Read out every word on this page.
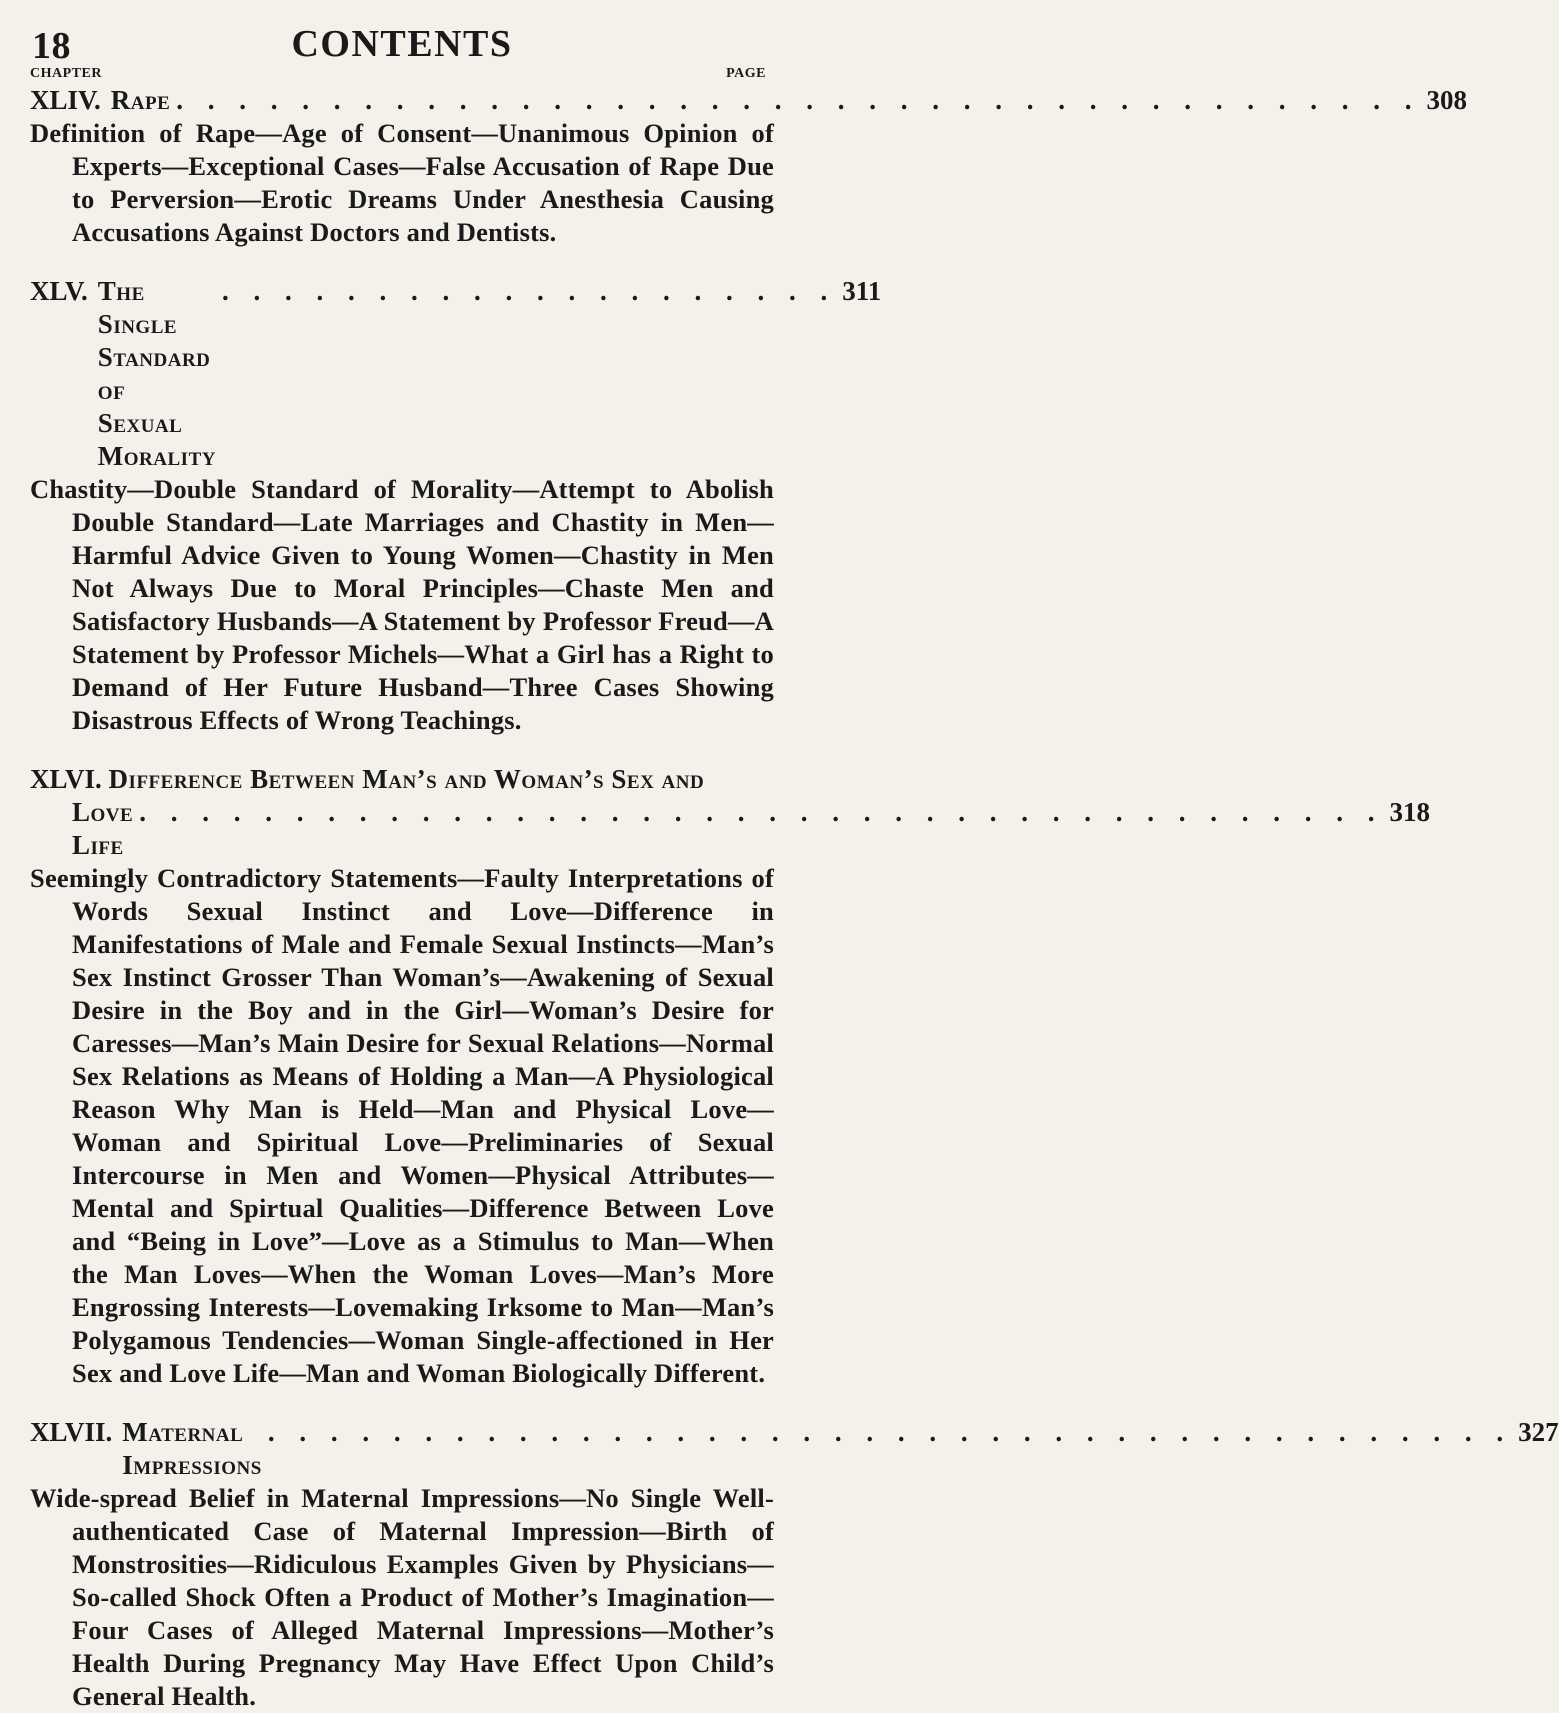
18	CONTENTS
CHAPTER	PAGE
XLIV. Rape . . . . . . . . . . . . . . . . . . . . . . . . . . . . . . . . . . . . . . . . 308

Definition of Rape—Age of Consent—Unanimous Opinion of Experts—Exceptional Cases—False Accusation of Rape Due to Perversion—Erotic Dreams Under Anesthesia Causing Accusations Against Doctors and Dentists.

XLV. The Single Standard of Sexual Morality
. . . . . . . . . . . . . . . . . . . . 311

Chastity—Double Standard of Morality—Attempt to Abolish Double Standard—Late Marriages and Chastity in Men—Harmful Advice Given to Young Women—Chastity in Men Not Always Due to Moral Principles—Chaste Men and Satisfactory Husbands—A Statement by Professor Freud—A Statement by Professor Michels—What a Girl has a Right to Demand of Her Future Husband—Three Cases Showing Disastrous Effects of Wrong Teachings.

XLVI. Difference Between Man’s and Woman’s Sex and
Love Life
. . . . . . . . . . . . . . . . . . . . . . . . . . . . . . . . . . . . . . . . 318

Seemingly Contradictory Statements—Faulty Interpretations of Words Sexual Instinct and Love—Difference in Manifestations of Male and Female Sexual Instincts—Man’s Sex Instinct Grosser Than Woman’s—Awakening of Sexual Desire in the Boy and in the Girl—Woman’s Desire for Caresses—Man’s Main Desire for Sexual Relations—Normal Sex Relations as Means of Holding a Man—A Physiological Reason Why Man is Held—Man and Physical Love—Woman and Spiritual Love—Preliminaries of Sexual Intercourse in Men and Women—Physical Attributes—Mental and Spirtual Qualities—Difference Between Love and “Being in Love”—Love as a Stimulus to Man—When the Man Loves—When the Woman Loves—Man’s More Engrossing Interests—Lovemaking Irksome to Man—Man’s Polygamous Tendencies—Woman Single-affectioned in Her Sex and Love Life—Man and Woman Biologically Different.

XLVII. Maternal Impressions
. . . . . . . . . . . . . . . . . . . . . . . . . . . . . . . . . . . . . . . . 327

Wide-spread Belief in Maternal Impressions—No Single Well-authenticated Case of Maternal Impression—Birth of Monstrosities—Ridiculous Examples Given by Physicians—So-called Shock Often a Product of Mother’s Imagination—Four Cases of Alleged Maternal Impressions—Mother’s Health During Pregnancy May Have Effect Upon Child’s General Health.
